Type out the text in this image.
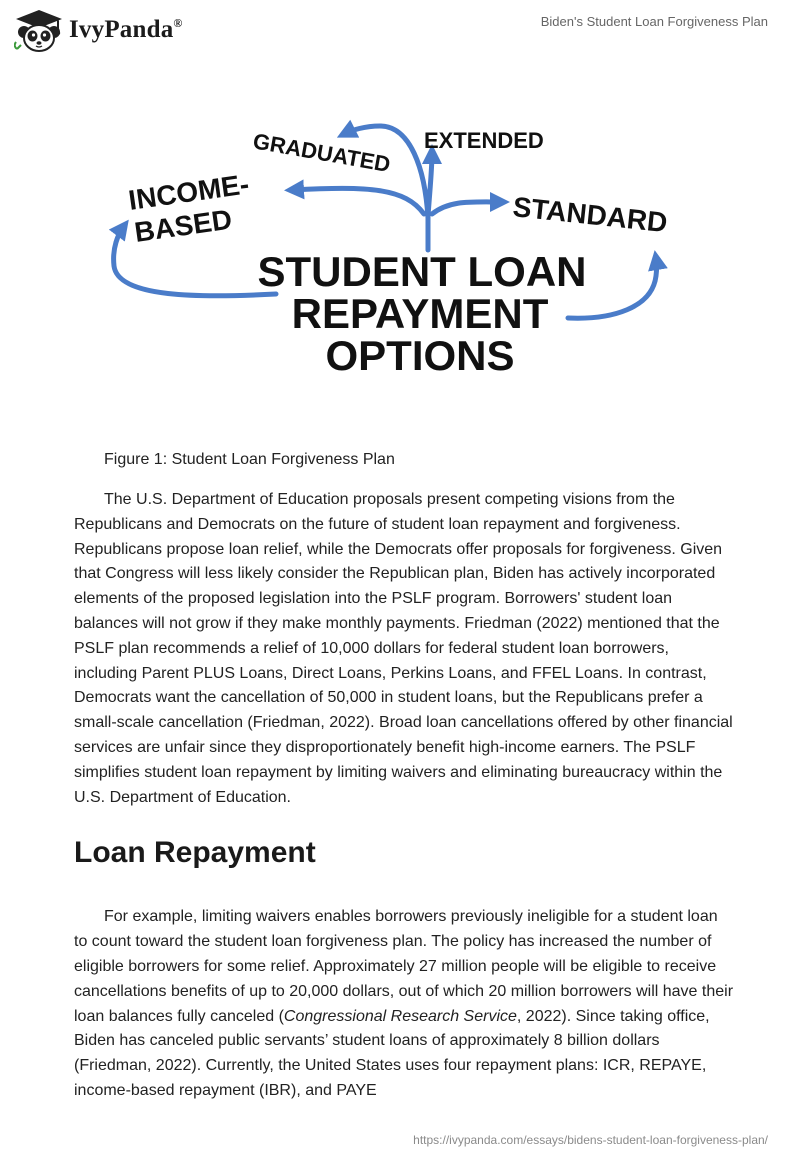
IvyPanda®	Biden's Student Loan Forgiveness Plan
GRADUATED EXTENDED
INCOME-
BASED	STANDARD
STUDENT LOAN
REPAYMENT
OPTIONS
Figure 1: Student Loan Forgiveness Plan

The U.S. Department of Education proposals present competing visions from the Republicans and Democrats on the future of student loan repayment and forgiveness. Republicans propose loan relief, while the Democrats offer proposals for forgiveness. Given that Congress will less likely consider the Republican plan, Biden has actively incorporated elements of the proposed legislation into the PSLF program. Borrowers' student loan balances will not grow if they make monthly payments. Friedman (2022) mentioned that the PSLF plan recommends a relief of 10,000 dollars for federal student loan borrowers, including Parent PLUS Loans, Direct Loans, Perkins Loans, and FFEL Loans. In contrast, Democrats want the cancellation of 50,000 in student loans, but the Republicans prefer a small-scale cancellation (Friedman, 2022). Broad loan cancellations offered by other financial services are unfair since they disproportionately benefit high-income earners. The PSLF simplifies student loan repayment by limiting waivers and eliminating bureaucracy within the U.S. Department of Education.

Loan Repayment

For example, limiting waivers enables borrowers previously ineligible for a student loan to count toward the student loan forgiveness plan. The policy has increased the number of eligible borrowers for some relief. Approximately 27 million people will be eligible to receive cancellations benefits of up to 20,000 dollars, out of which 20 million borrowers will have their loan balances fully canceled (Congressional Research Service, 2022). Since taking office, Biden has canceled public servants’ student loans of approximately 8 billion dollars (Friedman, 2022). Currently, the United States uses four repayment plans: ICR, REPAYE, income-based repayment (IBR), and PAYE

https://ivypanda.com/essays/bidens-student-loan-forgiveness-plan/
